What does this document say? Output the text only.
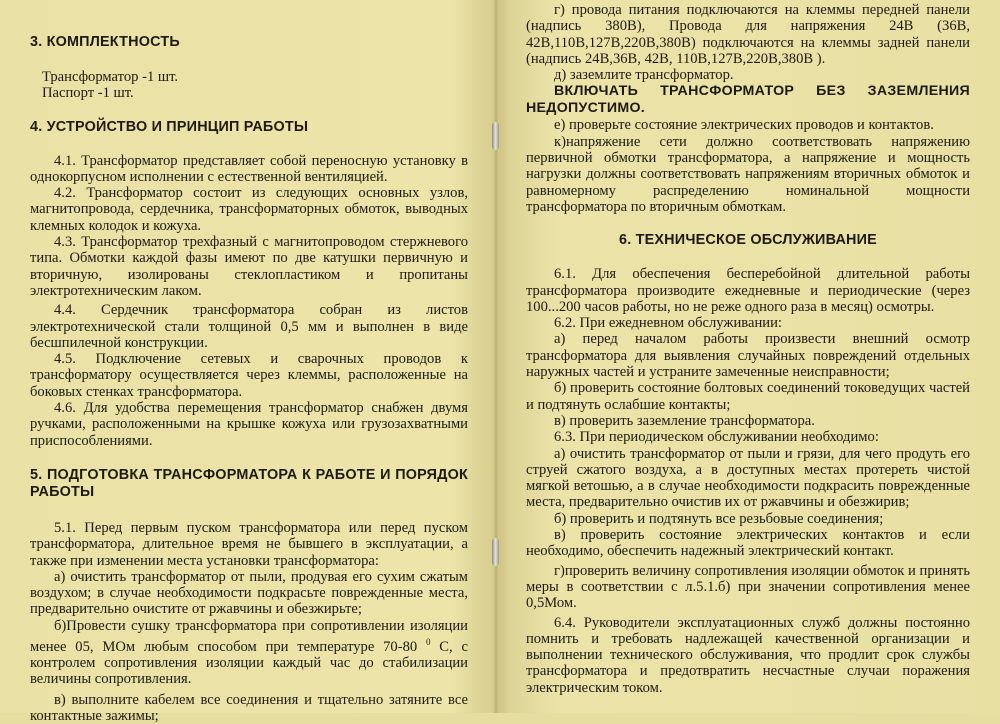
3. КОМПЛЕКТНОСТЬ

Трансформатор -1 шт.

Паспорт -1 шт.

4. УСТРОЙСТВО И ПРИНЦИП РАБОТЫ

4.1. Трансформатор представляет собой переносную установку в однокорпусном исполнении с естественной вентиляцией.

4.2. Трансформатор состоит из следующих основных узлов, магнитопровода, сердечника, трансформаторных обмоток, выводных клемных колодок и кожуха.

4.3. Трансформатор трехфазный с магнитопроводом стержневого типа. Обмотки каждой фазы имеют по две катушки первичную и вторичную, изолированы стеклопластиком и пропитаны электротехническим лаком.

4.4. Сердечник трансформатора собран из листов электротехнической стали толщиной 0,5 мм и выполнен в виде бесшпилечной конструкции.

4.5. Подключение сетевых и сварочных проводов к трансформатору осуществляется через клеммы, расположенные на боковых стенках трансформатора.

4.6. Для удобства перемещения трансформатор снабжен двумя ручками, расположенными на крышке кожуха или грузозахватными приспособлениями.

5. ПОДГОТОВКА ТРАНСФОРМАТОРА К РАБОТЕ И ПОРЯДОК РАБОТЫ

5.1. Перед первым пуском трансформатора или перед пуском трансформатора, длительное время не бывшего в эксплуатации, а также при изменении места установки трансформатора:

а) очистить трансформатор от пыли, продувая его сухим сжатым воздухом; в случае необходимости подкрасьте поврежденные места, предварительно очистите от ржавчины и обезжирьте;

б)Провести сушку трансформатора при сопротивлении изоляции менее 05, МОм любым способом при температуре 70-80 $^0$ С, с контролем сопротивления изоляции каждый час до стабилизации величины сопротивления.

в) выполните кабелем все соединения и тщательно затяните все контактные зажимы;

г) провода питания подключаются на клеммы передней панели (надпись 380В), Провода для напряжения 24В (36В, 42В,110В,127В,220В,380В) подключаются на клеммы задней панели (надпись 24В,36В, 42В, 110В,127В,220В,380В ).

д) заземлите трансформатор.

ВКЛЮЧАТЬ ТРАНСФОРМАТОР БЕЗ ЗАЗЕМЛЕНИЯ НЕДОПУСТИМО.

е) проверьте состояние электрических проводов и контактов.

к)напряжение сети должно соответствовать напряжению первичной обмотки трансформатора, а напряжение и мощность нагрузки должны соответствовать напряжениям вторичных обмоток и равномерному распределению номинальной мощности трансформатора по вторичным обмоткам.

6. ТЕХНИЧЕСКОЕ ОБСЛУЖИВАНИЕ

6.1. Для обеспечения бесперебойной длительной работы трансформатора производите ежедневные и периодические (через 100...200 часов работы, но не реже одного раза в месяц) осмотры.

6.2. При ежедневном обслуживании:

а) перед началом работы произвести внешний осмотр трансформатора для выявления случайных повреждений отдельных наружных частей и устраните замеченные неисправности;

б) проверить состояние болтовых соединений токоведущих частей и подтянуть ослабшие контакты;

в) проверить заземление трансформатора.

6.3. При периодическом обслуживании необходимо:

а) очистить трансформатор от пыли и грязи, для чего продуть его струей сжатого воздуха, а в доступных местах протереть чистой мягкой ветошью, а в случае необходимости подкрасить поврежденные места, предварительно очистив их от ржавчины и обезжирив;

б) проверить и подтянуть все резьбовые соединения;

в) проверить состояние электрических контактов и если необходимо, обеспечить надежный электрический контакт.

г)проверить величину сопротивления изоляции обмоток и принять меры в соответствии с л.5.1.б) при значении сопротивления менее 0,5Мом.

6.4. Руководители эксплуатационных служб должны постоянно помнить и требовать надлежащей качественной организации и выполнении технического обслуживания, что продлит срок службы трансформатора и предотвратить несчастные случаи поражения электрическим током.
